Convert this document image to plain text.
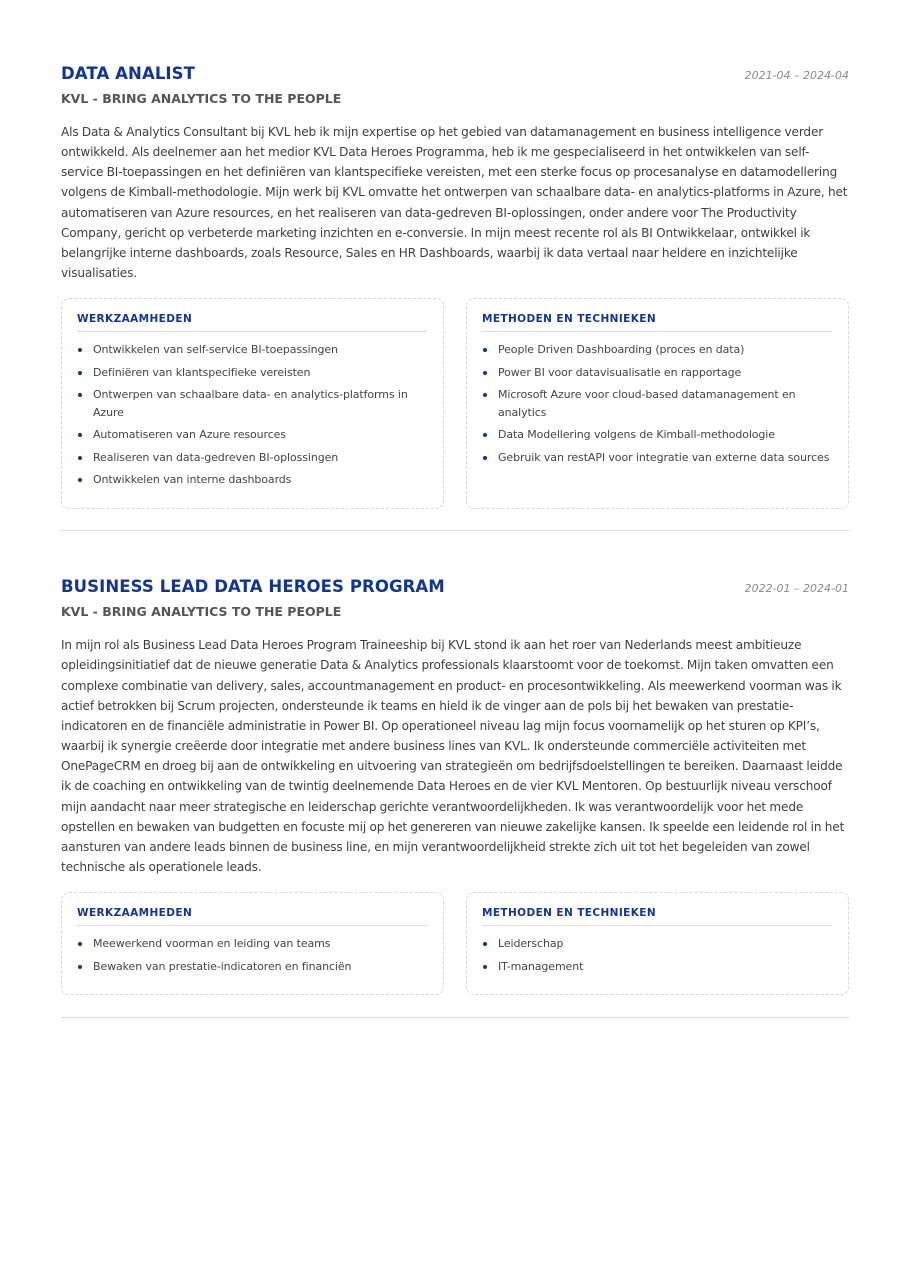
DATA ANALIST	2021-04 – 2024-04
KVL - BRING ANALYTICS TO THE PEOPLE

Als Data & Analytics Consultant bij KVL heb ik mijn expertise op het gebied van datamanagement en business intelligence verder ontwikkeld. Als deelnemer aan het medior KVL Data Heroes Programma, heb ik me gespecialiseerd in het ontwikkelen van self-service BI-toepassingen en het definiëren van klantspecifieke vereisten, met een sterke focus op procesanalyse en datamodellering volgens de Kimball-methodologie. Mijn werk bij KVL omvatte het ontwerpen van schaalbare data- en analytics-platforms in Azure, het automatiseren van Azure resources, en het realiseren van data-gedreven BI-oplossingen, onder andere voor The Productivity Company, gericht op verbeterde marketing inzichten en e-conversie. In mijn meest recente rol als BI Ontwikkelaar, ontwikkel ik belangrijke interne dashboards, zoals Resource, Sales en HR Dashboards, waarbij ik data vertaal naar heldere en inzichtelijke visualisaties.

WERKZAAMHEDEN
Ontwikkelen van self-service BI-toepassingen
Definiëren van klantspecifieke vereisten
Ontwerpen van schaalbare data- en analytics-platforms in Azure
Automatiseren van Azure resources
Realiseren van data-gedreven BI-oplossingen
Ontwikkelen van interne dashboards
METHODEN EN TECHNIEKEN
People Driven Dashboarding (proces en data)
Power BI voor datavisualisatie en rapportage
Microsoft Azure voor cloud-based datamanagement en analytics
Data Modellering volgens de Kimball-methodologie
Gebruik van restAPI voor integratie van externe data sources
BUSINESS LEAD DATA HEROES PROGRAM	2022-01 – 2024-01
KVL - BRING ANALYTICS TO THE PEOPLE

In mijn rol als Business Lead Data Heroes Program Traineeship bij KVL stond ik aan het roer van Nederlands meest ambitieuze opleidingsinitiatief dat de nieuwe generatie Data & Analytics professionals klaarstoomt voor de toekomst. Mijn taken omvatten een complexe combinatie van delivery, sales, accountmanagement en product- en procesontwikkeling. Als meewerkend voorman was ik actief betrokken bij Scrum projecten, ondersteunde ik teams en hield ik de vinger aan de pols bij het bewaken van prestatie-indicatoren en de financiële administratie in Power BI. Op operationeel niveau lag mijn focus voornamelijk op het sturen op KPI’s, waarbij ik synergie creëerde door integratie met andere business lines van KVL. Ik ondersteunde commerciële activiteiten met OnePageCRM en droeg bij aan de ontwikkeling en uitvoering van strategieën om bedrijfsdoelstellingen te bereiken. Daarnaast leidde ik de coaching en ontwikkeling van de twintig deelnemende Data Heroes en de vier KVL Mentoren. Op bestuurlijk niveau verschoof mijn aandacht naar meer strategische en leiderschap gerichte verantwoordelijkheden. Ik was verantwoordelijk voor het mede opstellen en bewaken van budgetten en focuste mij op het genereren van nieuwe zakelijke kansen. Ik speelde een leidende rol in het aansturen van andere leads binnen de business line, en mijn verantwoordelijkheid strekte zich uit tot het begeleiden van zowel technische als operationele leads.

WERKZAAMHEDEN
Meewerkend voorman en leiding van teams
Bewaken van prestatie-indicatoren en financiën
METHODEN EN TECHNIEKEN
Leiderschap
IT-management
